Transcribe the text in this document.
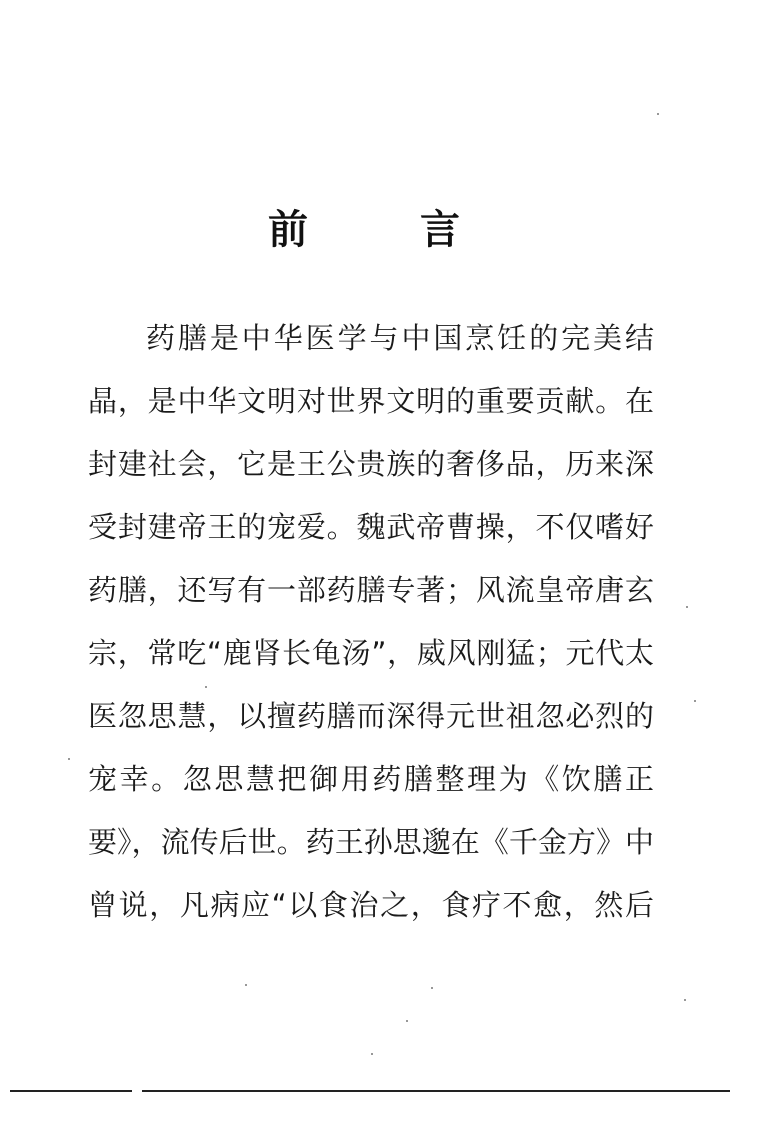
前	言
药膳是中华医学与中国烹饪的完美结
晶，是中华文明对世界文明的重要贡献。在
封建社会，它是王公贵族的奢侈品，历来深
受封建帝王的宠爱。魏武帝曹操，不仅嗜好
药膳，还写有一部药膳专著；风流皇帝唐玄
宗，常吃“鹿肾长龟汤”，威风刚猛；元代太
医忽思慧，以擅药膳而深得元世祖忽必烈的
宠幸。忽思慧把御用药膳整理为《饮膳正
要》，流传后世。药王孙思邈在《千金方》中
曾说，凡病应“以食治之，食疗不愈，然后
